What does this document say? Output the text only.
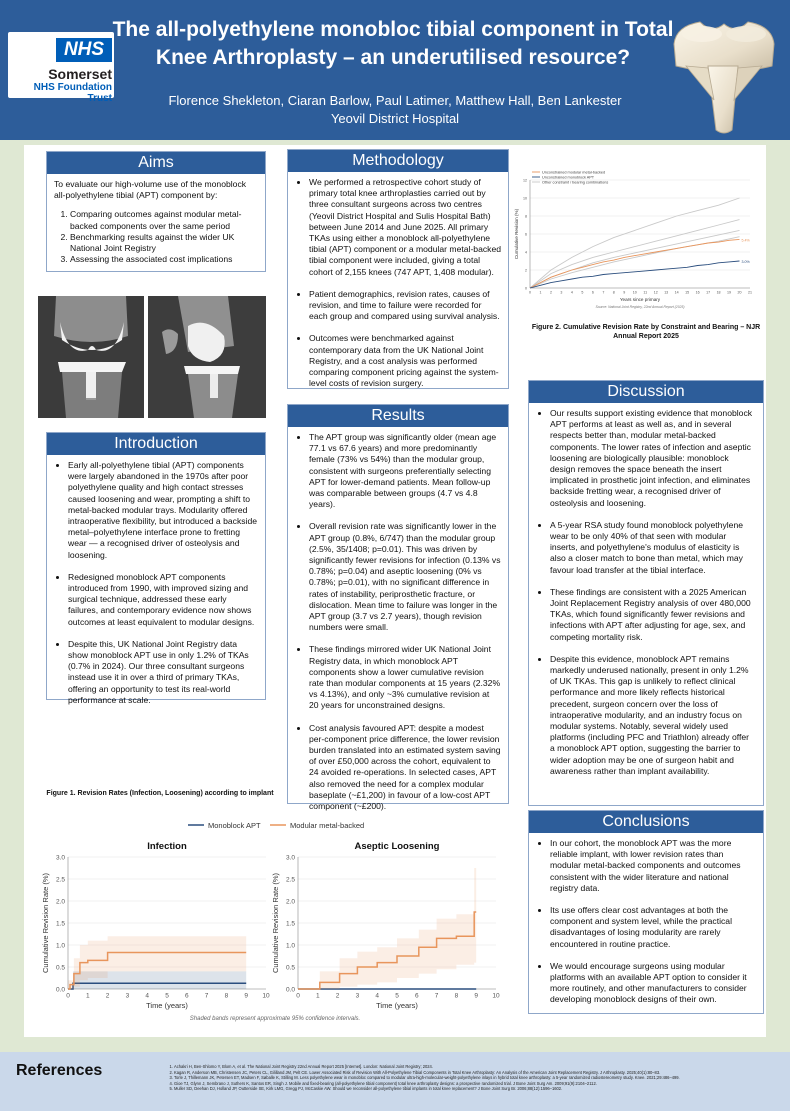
NHS
Somerset
NHS Foundation Trust
The all-polyethylene monobloc tibial component in Total Knee Arthroplasty – an underutilised resource?
Florence Shekleton, Ciaran Barlow, Paul Latimer, Matthew Hall, Ben Lankester
Yeovil District Hospital
Aims
To evaluate our high-volume use of the monoblock all-polyethylene tibial (APT) component by:
1. Comparing outcomes against modular metal-backed components over the same period
2. Benchmarking results against the wider UK National Joint Registry
3. Assessing the associated cost implications
Introduction
• Early all-polyethylene tibial (APT) components were largely abandoned in the 1970s after poor polyethylene quality and high contact stresses caused loosening and wear, prompting a shift to metal-backed modular trays. Modularity offered intraoperative flexibility, but introduced a backside metal–polyethylene interface prone to fretting wear — a recognised driver of osteolysis and loosening.
• Redesigned monoblock APT components introduced from 1990, with improved sizing and surgical technique, addressed these early failures, and contemporary evidence now shows outcomes at least equivalent to modular designs.
• Despite this, UK National Joint Registry data show monoblock APT use in only 1.2% of TKAs (0.7% in 2024). Our three consultant surgeons instead use it in over a third of primary TKAs, offering an opportunity to test its real-world performance at scale.
Methodology
• We performed a retrospective cohort study of primary total knee arthroplasties carried out by three consultant surgeons across two centres (Yeovil District Hospital and Sulis Hospital Bath) between June 2014 and June 2025. All primary TKAs using either a monoblock all-polyethylene tibial (APT) component or a modular metal-backed tibial component were included, giving a total cohort of 2,155 knees (747 APT, 1,408 modular).
• Patient demographics, revision rates, causes of revision, and time to failure were recorded for each group and compared using survival analysis.
• Outcomes were benchmarked against contemporary data from the UK National Joint Registry, and a cost analysis was performed comparing component pricing against the system-level costs of revision surgery.
Results
• The APT group was significantly older (mean age 77.1 vs 67.6 years) and more predominantly female (73% vs 54%) than the modular group, consistent with surgeons preferentially selecting APT for lower-demand patients. Mean follow-up was comparable between groups (4.7 vs 4.8 years).
• Overall revision rate was significantly lower in the APT group (0.8%, 6/747) than the modular group (2.5%, 35/1408; p=0.01). This was driven by significantly fewer revisions for infection (0.13% vs 0.78%; p=0.04) and aseptic loosening (0% vs 0.78%; p=0.01), with no significant difference in rates of instability, periprosthetic fracture, or dislocation. Mean time to failure was longer in the APT group (3.7 vs 2.7 years), though revision numbers were small.
• These findings mirrored wider UK National Joint Registry data, in which monoblock APT components show a lower cumulative revision rate than modular components at 15 years (2.32% vs 4.13%), and only ~3% cumulative revision at 20 years for unconstrained designs.
• Cost analysis favoured APT: despite a modest per-component price difference, the lower revision burden translated into an estimated system saving of over £50,000 across the cohort, equivalent to 24 avoided re-operations. In selected cases, APT also removed the need for a complex modular baseplate (~£1,200) in favour of a low-cost APT component (~£200).
0
2
4
6
8
10
12
0 1 2 3 4 5 6 7 8 9 10 11 12 13 14 15 16 17 18 19 20 21
Years since primary
Cumulative Revision (%)	5.4%
3.0%
Unconstrained modular metal-backed
Unconstrained monoblock APT
Other constraint / bearing combinations
Source: National Joint Registry, 22nd Annual Report (2025)
Figure 2. Cumulative Revision Rate by Constraint and Bearing – NJR Annual Report 2025
Discussion
• Our results support existing evidence that monoblock APT performs at least as well as, and in several respects better than, modular metal-backed components. The lower rates of infection and aseptic loosening are biologically plausible: monoblock design removes the space beneath the insert implicated in prosthetic joint infection, and eliminates backside fretting wear, a recognised driver of osteolysis and loosening.
• A 5-year RSA study found monoblock polyethylene wear to be only 40% of that seen with modular inserts, and polyethylene's modulus of elasticity is also a closer match to bone than metal, which may favour load transfer at the tibial interface.
• These findings are consistent with a 2025 American Joint Replacement Registry analysis of over 480,000 TKAs, which found significantly fewer revisions and infections with APT after adjusting for age, sex, and competing mortality risk.
• Despite this evidence, monoblock APT remains markedly underused nationally, present in only 1.2% of UK TKAs. This gap is unlikely to reflect clinical performance and more likely reflects historical precedent, surgeon concern over the loss of intraoperative modularity, and an industry focus on modular systems. Notably, several widely used platforms (including PFC and Triathlon) already offer a monoblock APT option, suggesting the barrier to wider adoption may be one of surgeon habit and awareness rather than implant availability.
Conclusions
• In our cohort, the monoblock APT was the more reliable implant, with lower revision rates than modular metal-backed components and outcomes consistent with the wider literature and national registry data.
• Its use offers clear cost advantages at both the component and system level, while the practical disadvantages of losing modularity are rarely encountered in routine practice.
• We would encourage surgeons using modular platforms with an available APT option to consider it more routinely, and other manufacturers to consider developing monoblock designs of their own.
Figure 1. Revision Rates (Infection, Loosening) according to implant
Monoblock APT	Modular metal-backed
0.0
0.5
1.0
1.5
2.0
2.5
3.0
0 1 2 3 4 5 6 7 8 9 10
Infection
Time (years)
Cumulative Revision Rate (%)
0.0
0.5
1.0
1.5
2.0
2.5
3.0
0 1 2 3 4 5 6 7 8 9 10
Aseptic Loosening
Time (years)
Cumulative Revision Rate (%)
Shaded bands represent approximate 95% confidence intervals.
References
1.	Achakri H, Ben-Shlomo Y, Blom A, et al. The National Joint Registry 22nd Annual Report 2025 [Internet]. London: National Joint Registry; 2024.
2. Kagan R, Anderson MB, Christensen JC, Peters CL, Gililland JM, Pelt CE. Lower Associated Risk of Revision With All-Polyethylene Tibial Components in Total Knee Arthroplasty: An Analysis of the American Joint Replacement Registry. J Arthroplasty. 2025;40(1):80–83.
3. Torle J, Thillemann JK, Petersen ET, Madsen F, Søballe K, Stilling M. Less polyethylene wear in monobloc compared to modular ultra-high-molecular-weight-polyethylene inlays in hybrid total knee arthroplasty: a 5-year randomized radiostereometry study. Knee. 2021;29:486–499.
4. Gioe TJ, Glynn J, Sembrano J, Suthers K, Santos ER, Singh J. Mobile and fixed-bearing (all-polyethylene tibial component) total knee arthroplasty designs: a prospective randomized trial. J Bone Joint Surg Am. 2009;91(9):2104–2112.
5. Muller SD, Deehan DJ, Holland JP, Outterside SE, Kirk LMG, Gregg PJ, McCaskie AW. Should we reconsider all-polyethylene tibial implants in total knee replacement? J Bone Joint Surg Br. 2006;88(12):1596–1602.
